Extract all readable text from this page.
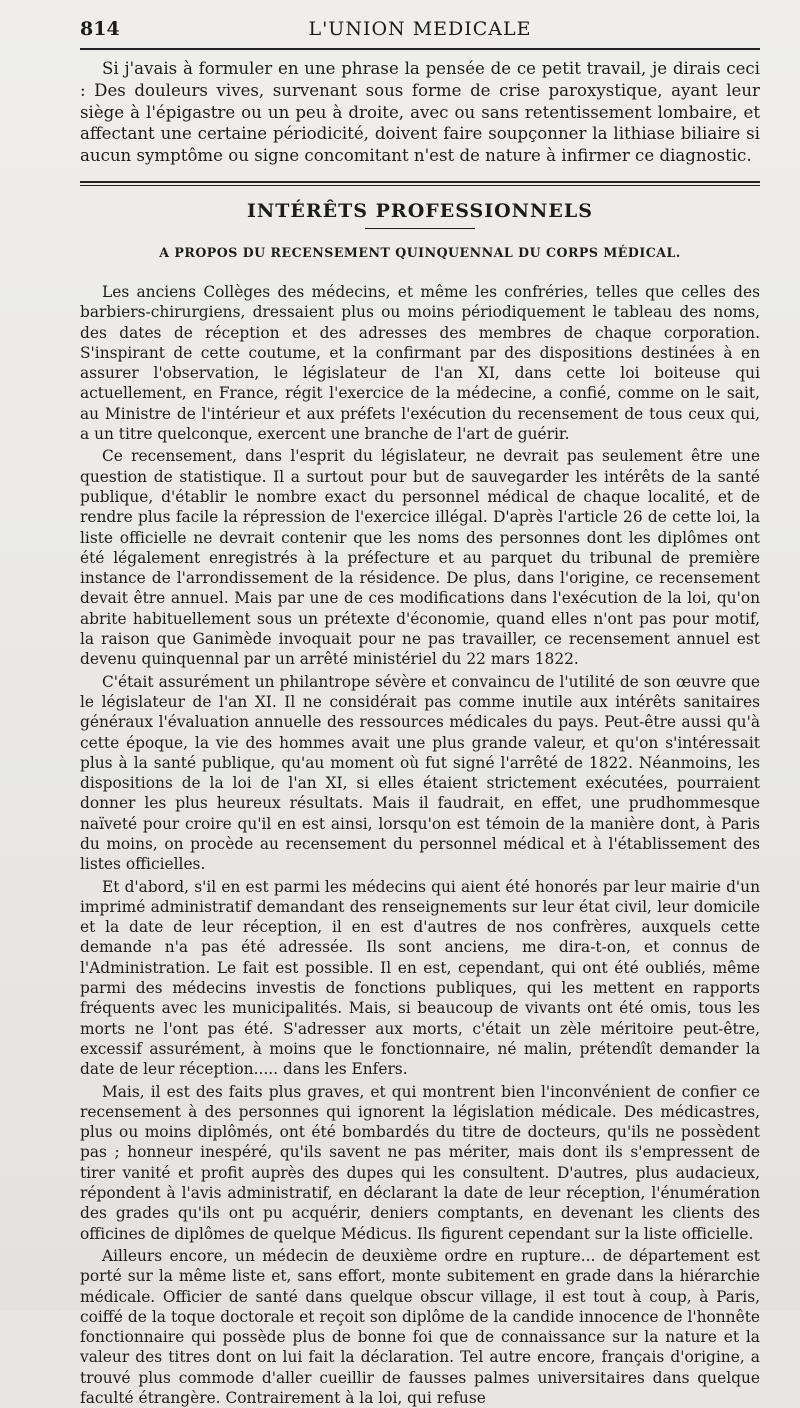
814	L'UNION MEDICALE

Si j'avais à formuler en une phrase la pensée de ce petit travail, je dirais ceci : Des douleurs vives, survenant sous forme de crise paroxystique, ayant leur siège à l'épigastre ou un peu à droite, avec ou sans retentissement lombaire, et affectant une certaine périodicité, doivent faire soupçonner la lithiase biliaire si aucun symptôme ou signe concomitant n'est de nature à infirmer ce diagnostic.

INTÉRÊTS PROFESSIONNELS
A PROPOS DU RECENSEMENT QUINQUENNAL DU CORPS MÉDICAL.

Les anciens Collèges des médecins, et même les confréries, telles que celles des barbiers-chirurgiens, dressaient plus ou moins périodiquement le tableau des noms, des dates de réception et des adresses des membres de chaque corporation. S'inspirant de cette coutume, et la confirmant par des dispositions destinées à en assurer l'observation, le législateur de l'an XI, dans cette loi boiteuse qui actuellement, en France, régit l'exercice de la médecine, a confié, comme on le sait, au Ministre de l'intérieur et aux préfets l'exécution du recensement de tous ceux qui, a un titre quelconque, exercent une branche de l'art de guérir.

Ce recensement, dans l'esprit du législateur, ne devrait pas seulement être une question de statistique. Il a surtout pour but de sauvegarder les intérêts de la santé publique, d'établir le nombre exact du personnel médical de chaque localité, et de rendre plus facile la répression de l'exercice illégal. D'après l'article 26 de cette loi, la liste officielle ne devrait contenir que les noms des personnes dont les diplômes ont été légalement enregistrés à la préfecture et au parquet du tribunal de première instance de l'arrondissement de la résidence. De plus, dans l'origine, ce recensement devait être annuel. Mais par une de ces modifications dans l'exécution de la loi, qu'on abrite habituellement sous un prétexte d'économie, quand elles n'ont pas pour motif, la raison que Ganimède invoquait pour ne pas travailler, ce recensement annuel est devenu quinquennal par un arrêté ministériel du 22 mars 1822.

C'était assurément un philantrope sévère et convaincu de l'utilité de son œuvre que le législateur de l'an XI. Il ne considérait pas comme inutile aux intérêts sanitaires généraux l'évaluation annuelle des ressources médicales du pays. Peut-être aussi qu'à cette époque, la vie des hommes avait une plus grande valeur, et qu'on s'intéressait plus à la santé publique, qu'au moment où fut signé l'arrêté de 1822. Néanmoins, les dispositions de la loi de l'an XI, si elles étaient strictement exécutées, pourraient donner les plus heureux résultats. Mais il faudrait, en effet, une prudhommesque naïveté pour croire qu'il en est ainsi, lorsqu'on est témoin de la manière dont, à Paris du moins, on procède au recensement du personnel médical et à l'établissement des listes officielles.

Et d'abord, s'il en est parmi les médecins qui aient été honorés par leur mairie d'un imprimé administratif demandant des renseignements sur leur état civil, leur domicile et la date de leur réception, il en est d'autres de nos confrères, auxquels cette demande n'a pas été adressée. Ils sont anciens, me dira-t-on, et connus de l'Administration. Le fait est possible. Il en est, cependant, qui ont été oubliés, même parmi des médecins investis de fonctions publiques, qui les mettent en rapports fréquents avec les municipalités. Mais, si beaucoup de vivants ont été omis, tous les morts ne l'ont pas été. S'adresser aux morts, c'était un zèle méritoire peut-être, excessif assurément, à moins que le fonctionnaire, né malin, prétendît demander la date de leur réception..... dans les Enfers.

Mais, il est des faits plus graves, et qui montrent bien l'inconvénient de confier ce recensement à des personnes qui ignorent la législation médicale. Des médicastres, plus ou moins diplômés, ont été bombardés du titre de docteurs, qu'ils ne possèdent pas ; honneur inespéré, qu'ils savent ne pas mériter, mais dont ils s'empressent de tirer vanité et profit auprès des dupes qui les consultent. D'autres, plus audacieux, répondent à l'avis administratif, en déclarant la date de leur réception, l'énumération des grades qu'ils ont pu acquérir, deniers comptants, en devenant les clients des officines de diplômes de quelque Médicus. Ils figurent cependant sur la liste officielle.

Ailleurs encore, un médecin de deuxième ordre en rupture... de département est porté sur la même liste et, sans effort, monte subitement en grade dans la hiérarchie médicale. Officier de santé dans quelque obscur village, il est tout à coup, à Paris, coiffé de la toque doctorale et reçoit son diplôme de la candide innocence de l'honnête fonctionnaire qui possède plus de bonne foi que de connaissance sur la nature et la valeur des titres dont on lui fait la déclaration. Tel autre encore, français d'origine, a trouvé plus commode d'aller cueillir de fausses palmes universitaires dans quelque faculté étrangère. Contrairement à la loi, qui refuse
